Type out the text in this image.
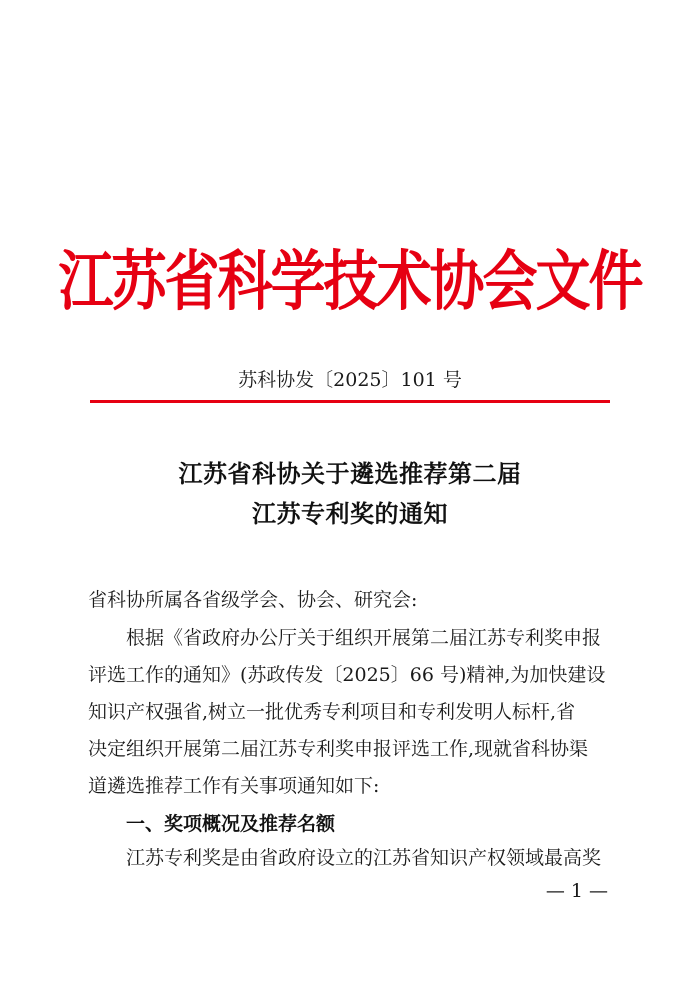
江苏省科学技术协会文件
苏科协发〔2025〕101 号
江苏省科协关于遴选推荐第二届
江苏专利奖的通知
省科协所属各省级学会、协会、研究会:
根据《省政府办公厅关于组织开展第二届江苏专利奖申报
评选工作的通知》(苏政传发〔2025〕66 号)精神,为加快建设
知识产权强省,树立一批优秀专利项目和专利发明人标杆,省
决定组织开展第二届江苏专利奖申报评选工作,现就省科协渠
道遴选推荐工作有关事项通知如下:
一、奖项概况及推荐名额
江苏专利奖是由省政府设立的江苏省知识产权领域最高奖
— 1 —
